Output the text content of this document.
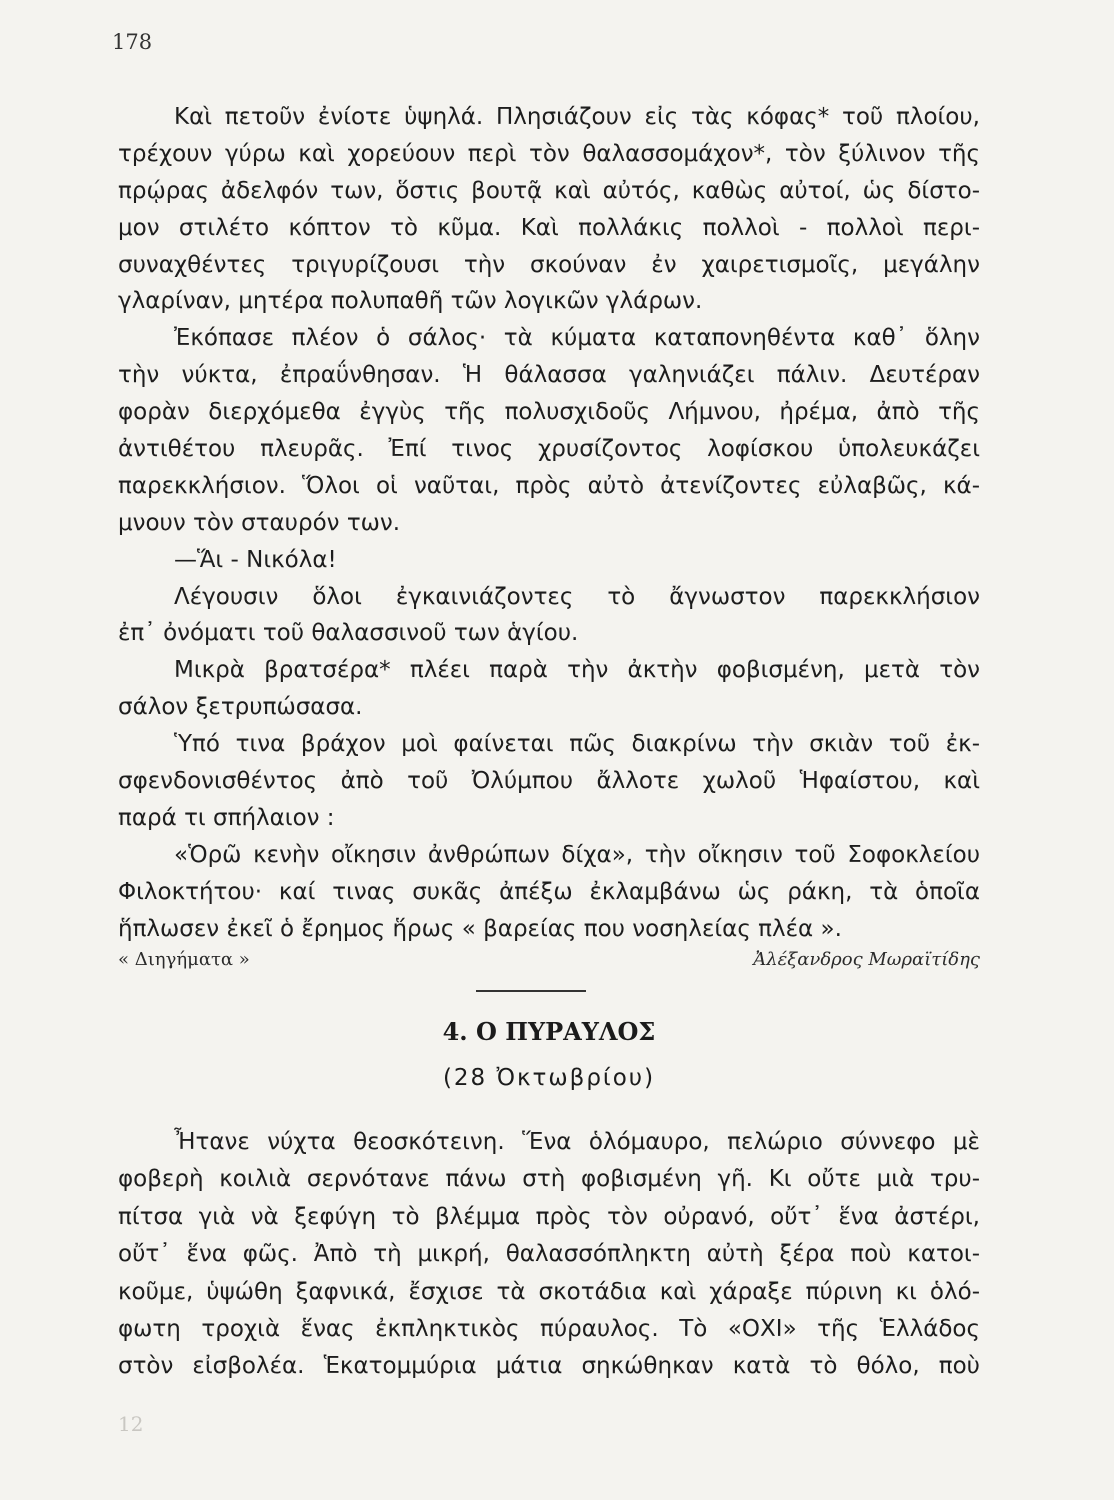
178
Καὶ πετοῦν ἐνίοτε ὑψηλά. Πλησιάζουν εἰς τὰς κόφας* τοῦ πλοίου,
τρέχουν γύρω καὶ χορεύουν περὶ τὸν θαλασσομάχον*, τὸν ξύλινον τῆς
πρῴρας ἀδελφόν των, ὅστις βουτᾷ καὶ αὐτός, καθὼς αὐτοί, ὡς δίστο-
μον στιλέτο κόπτον τὸ κῦμα. Καὶ πολλάκις πολλοὶ - πολλοὶ περι-
συναχθέντες τριγυρίζουσι τὴν σκούναν ἐν χαιρετισμοῖς, μεγάλην
γλαρίναν, μητέρα πολυπαθῆ τῶν λογικῶν γλάρων.
Ἐκόπασε πλέον ὁ σάλος· τὰ κύματα καταπονηθέντα καθ᾽ ὅλην
τὴν νύκτα, ἐπραΰνθησαν. Ἡ θάλασσα γαληνιάζει πάλιν. Δευτέραν
φορὰν διερχόμεθα ἐγγὺς τῆς πολυσχιδοῦς Λήμνου, ἠρέμα, ἀπὸ τῆς
ἀντιθέτου πλευρᾶς. Ἐπί τινος χρυσίζοντος λοφίσκου ὑπολευκάζει
παρεκκλήσιον. Ὅλοι οἱ ναῦται, πρὸς αὐτὸ ἀτενίζοντες εὐλαβῶς, κά-
μνουν τὸν σταυρόν των.
—Ἅι - Νικόλα!
Λέγουσιν ὅλοι ἐγκαινιάζοντες τὸ ἄγνωστον παρεκκλήσιον
ἐπ᾽ ὀνόματι τοῦ θαλασσινοῦ των ἁγίου.
Μικρὰ βρατσέρα* πλέει παρὰ τὴν ἀκτὴν φοβισμένη, μετὰ τὸν
σάλον ξετρυπώσασα.
Ὑπό τινα βράχον μοὶ φαίνεται πῶς διακρίνω τὴν σκιὰν τοῦ ἐκ-
σφενδονισθέντος ἀπὸ τοῦ Ὀλύμπου ἄλλοτε χωλοῦ Ἡφαίστου, καὶ
παρά τι σπήλαιον :
«Ὁρῶ κενὴν οἴκησιν ἀνθρώπων δίχα», τὴν οἴκησιν τοῦ Σοφοκλείου
Φιλοκτήτου· καί τινας συκᾶς ἀπέξω ἐκλαμβάνω ὡς ράκη, τὰ ὁποῖα
ἥπλωσεν ἐκεῖ ὁ ἔρημος ἥρως « βαρείας που νοσηλείας πλέα ».
« Διηγήματα »	Ἀλέξανδρος Μωραϊτίδης
4. Ο ΠΥΡΑΥΛΟΣ
(28 Ὀκτωβρίου)
Ἦτανε νύχτα θεοσκότεινη. Ἕνα ὁλόμαυρο, πελώριο σύννεφο μὲ
φοβερὴ κοιλιὰ σερνότανε πάνω στὴ φοβισμένη γῆ. Κι οὔτε μιὰ τρυ-
πίτσα γιὰ νὰ ξεφύγη τὸ βλέμμα πρὸς τὸν οὐρανό, οὔτ᾽ ἕνα ἀστέρι,
οὔτ᾽ ἕνα φῶς. Ἀπὸ τὴ μικρή, θαλασσόπληκτη αὐτὴ ξέρα ποὺ κατοι-
κοῦμε, ὑψώθη ξαφνικά, ἔσχισε τὰ σκοτάδια καὶ χάραξε πύρινη κι ὁλό-
φωτη τροχιὰ ἕνας ἐκπληκτικὸς πύραυλος. Τὸ «ΟΧΙ» τῆς Ἑλλάδος
στὸν εἰσβολέα. Ἑκατομμύρια μάτια σηκώθηκαν κατὰ τὸ θόλο, ποὺ
12
